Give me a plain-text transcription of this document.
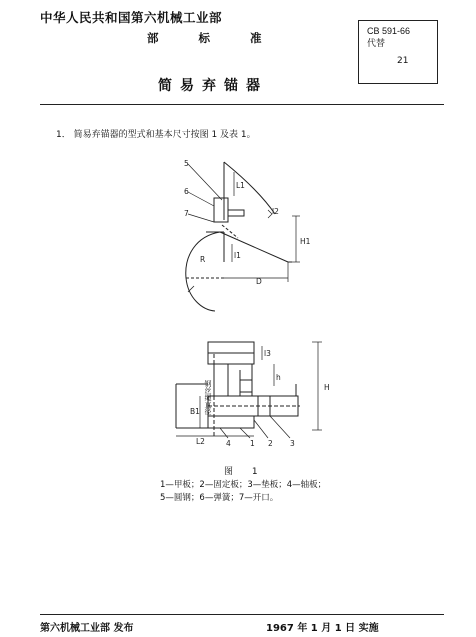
中华人民共和国第六机械工业部
部	标	准	CB 591-66
代替
21
简易弃锚器
1． 简易弃锚器的型式和基本尺寸按图 1 及表 1。
5
6
7
R
D
H1
L1
l1
l2
l3
H
h
B1
L2	4	1 2 3
钢丝绳直径
图 1
1—甲板；2—固定板；3—垫板；4—轴板；
5—圆钢；6—弹簧；7—开口。
第六机械工业部 发布	1967 年 1 月 1 日 实施
